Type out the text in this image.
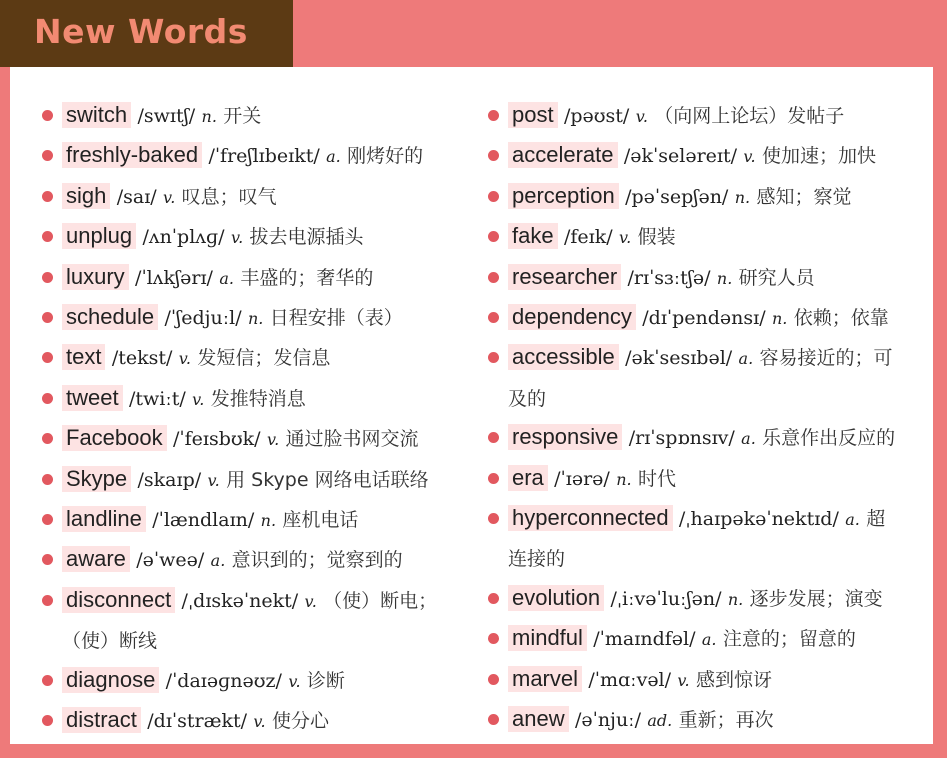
New Words
switch /swɪtʃ/ n. 开关
freshly-baked /ˈfreʃlɪbeɪkt/ a. 刚烤好的
sigh /saɪ/ v. 叹息；叹气
unplug /ʌnˈplʌɡ/ v. 拔去电源插头
luxury /ˈlʌkʃərɪ/ a. 丰盛的；奢华的
schedule /ˈʃedjuːl/ n. 日程安排（表）
text /tekst/ v. 发短信；发信息
tweet /twiːt/ v. 发推特消息
Facebook /ˈfeɪsbʊk/ v. 通过脸书网交流
Skype /skaɪp/ v. 用 Skype 网络电话联络
landline /ˈlændlaɪn/ n. 座机电话
aware /əˈweə/ a. 意识到的；觉察到的
disconnect /ˌdɪskəˈnekt/ v. （使）断电；
（使）断线
diagnose /ˈdaɪəɡnəʊz/ v. 诊断
distract /dɪˈstrækt/ v. 使分心
post /pəʊst/ v. （向网上论坛）发帖子
accelerate /əkˈseləreɪt/ v. 使加速；加快
perception /pəˈsepʃən/ n. 感知；察觉
fake /feɪk/ v. 假装
researcher /rɪˈsɜːtʃə/ n. 研究人员
dependency /dɪˈpendənsɪ/ n. 依赖；依靠
accessible /əkˈsesɪbəl/ a. 容易接近的；可
及的
responsive /rɪˈspɒnsɪv/ a. 乐意作出反应的
era /ˈɪərə/ n. 时代
hyperconnected /ˌhaɪpəkəˈnektɪd/ a. 超
连接的
evolution /ˌiːvəˈluːʃən/ n. 逐步发展；演变
mindful /ˈmaɪndfəl/ a. 注意的；留意的
marvel /ˈmɑːvəl/ v. 感到惊讶
anew /əˈnjuː/ ad. 重新；再次
